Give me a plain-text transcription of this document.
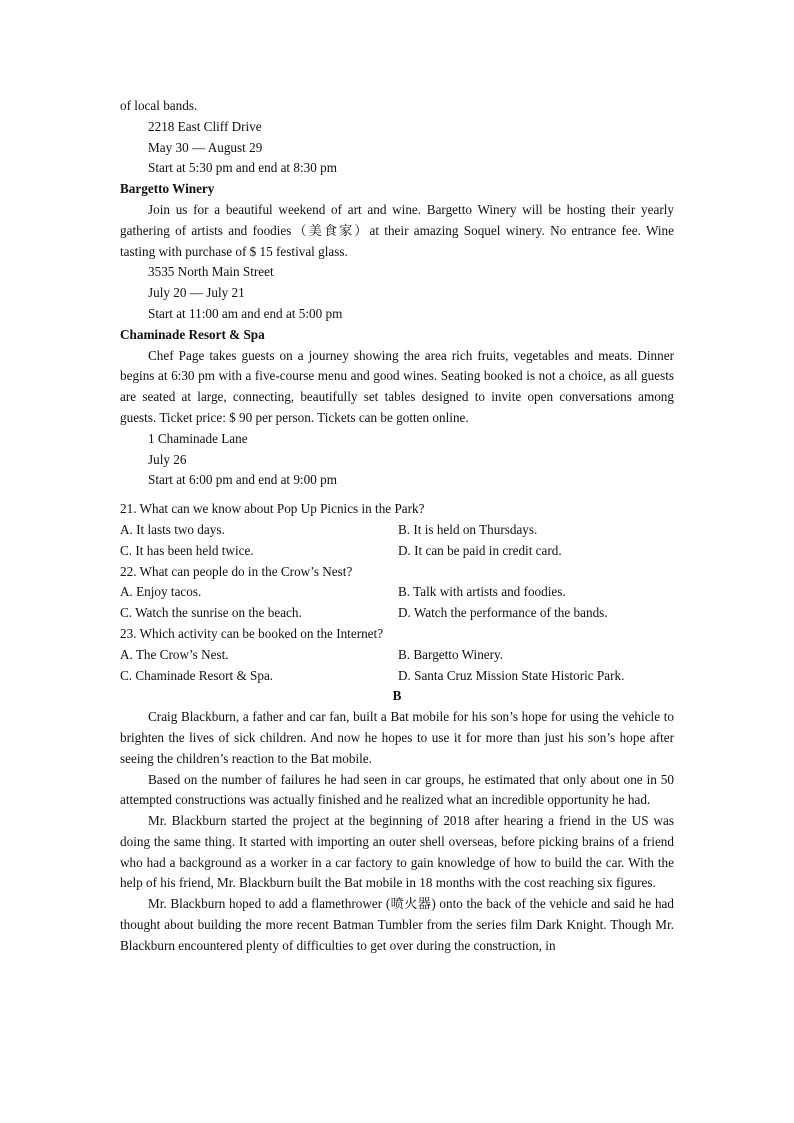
of local bands.
2218 East Cliff Drive
May 30 — August 29
Start at 5:30 pm and end at 8:30 pm
Bargetto Winery
Join us for a beautiful weekend of art and wine. Bargetto Winery will be hosting their yearly gathering of artists and foodies（美食家）at their amazing Soquel winery. No entrance fee. Wine tasting with purchase of $ 15 festival glass.
3535 North Main Street
July 20 — July 21
Start at 11:00 am and end at 5:00 pm
Chaminade Resort & Spa
Chef Page takes guests on a journey showing the area rich fruits, vegetables and meats. Dinner begins at 6:30 pm with a five-course menu and good wines. Seating booked is not a choice, as all guests are seated at large, connecting, beautifully set tables designed to invite open conversations among guests. Ticket price: $ 90 per person. Tickets can be gotten online.
1 Chaminade Lane
July 26
Start at 6:00 pm and end at 9:00 pm
21. What can we know about Pop Up Picnics in the Park?
A. It lasts two days.	B. It is held on Thursdays.
C. It has been held twice.	D. It can be paid in credit card.
22. What can people do in the Crow’s Nest?
A. Enjoy tacos.	B. Talk with artists and foodies.
C. Watch the sunrise on the beach.	D. Watch the performance of the bands.
23. Which activity can be booked on the Internet?
A. The Crow’s Nest.	B. Bargetto Winery.
C. Chaminade Resort & Spa.	D. Santa Cruz Mission State Historic Park.
B
Craig Blackburn, a father and car fan, built a Bat mobile for his son’s hope for using the vehicle to brighten the lives of sick children. And now he hopes to use it for more than just his son’s hope after seeing the children’s reaction to the Bat mobile.
Based on the number of failures he had seen in car groups, he estimated that only about one in 50 attempted constructions was actually finished and he realized what an incredible opportunity he had.
Mr. Blackburn started the project at the beginning of 2018 after hearing a friend in the US was doing the same thing. It started with importing an outer shell overseas, before picking brains of a friend who had a background as a worker in a car factory to gain knowledge of how to build the car. With the help of his friend, Mr. Blackburn built the Bat mobile in 18 months with the cost reaching six figures.
Mr. Blackburn hoped to add a flamethrower (喷火器) onto the back of the vehicle and said he had thought about building the more recent Batman Tumbler from the series film Dark Knight. Though Mr. Blackburn encountered plenty of difficulties to get over during the construction, in
